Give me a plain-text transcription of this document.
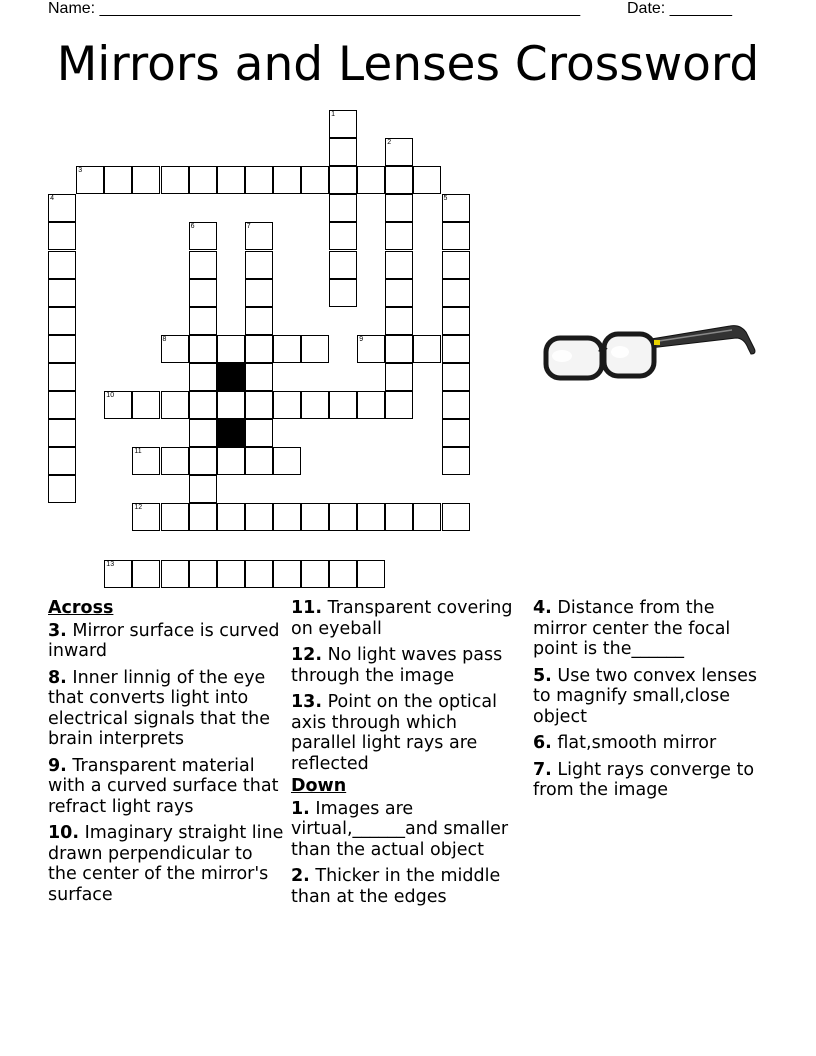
Name: ______________________________________________________	Date: _______
Mirrors and Lenses Crossword
1
2
3
4	5
6	7
8	9
10
11
12
13
Across
3. Mirror surface is curved inward
8. Inner linnig of the eye that converts light into electrical signals that the brain interprets
9. Transparent material with a curved surface that refract light rays
10. Imaginary straight line drawn perpendicular to the center of the mirror's surface
11. Transparent covering on eyeball
12. No light waves pass through the image
13. Point on the optical axis through which parallel light rays are reflected
Down
1. Images are virtual,______and smaller than the actual object
2. Thicker in the middle than at the edges
4. Distance from the mirror center the focal point is the______
5. Use two convex lenses to magnify small,close object
6. flat,smooth mirror
7. Light rays converge to from the image
